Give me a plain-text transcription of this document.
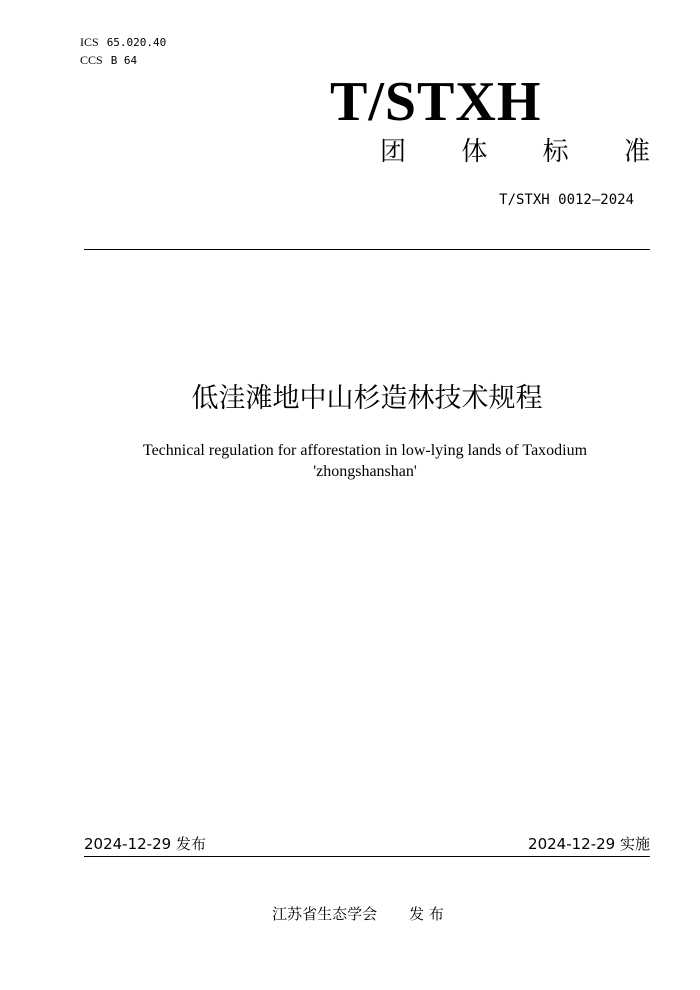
ICS 65.020.40
CCS B 64
T/STXH
团 体 标 准
T/STXH 0012—2024
低洼滩地中山杉造林技术规程
Technical regulation for afforestation in low-lying lands of Taxodium
'zhongshanshan'
2024-12-29 发布	2024-12-29 实施
江苏省生态学会 发 布
